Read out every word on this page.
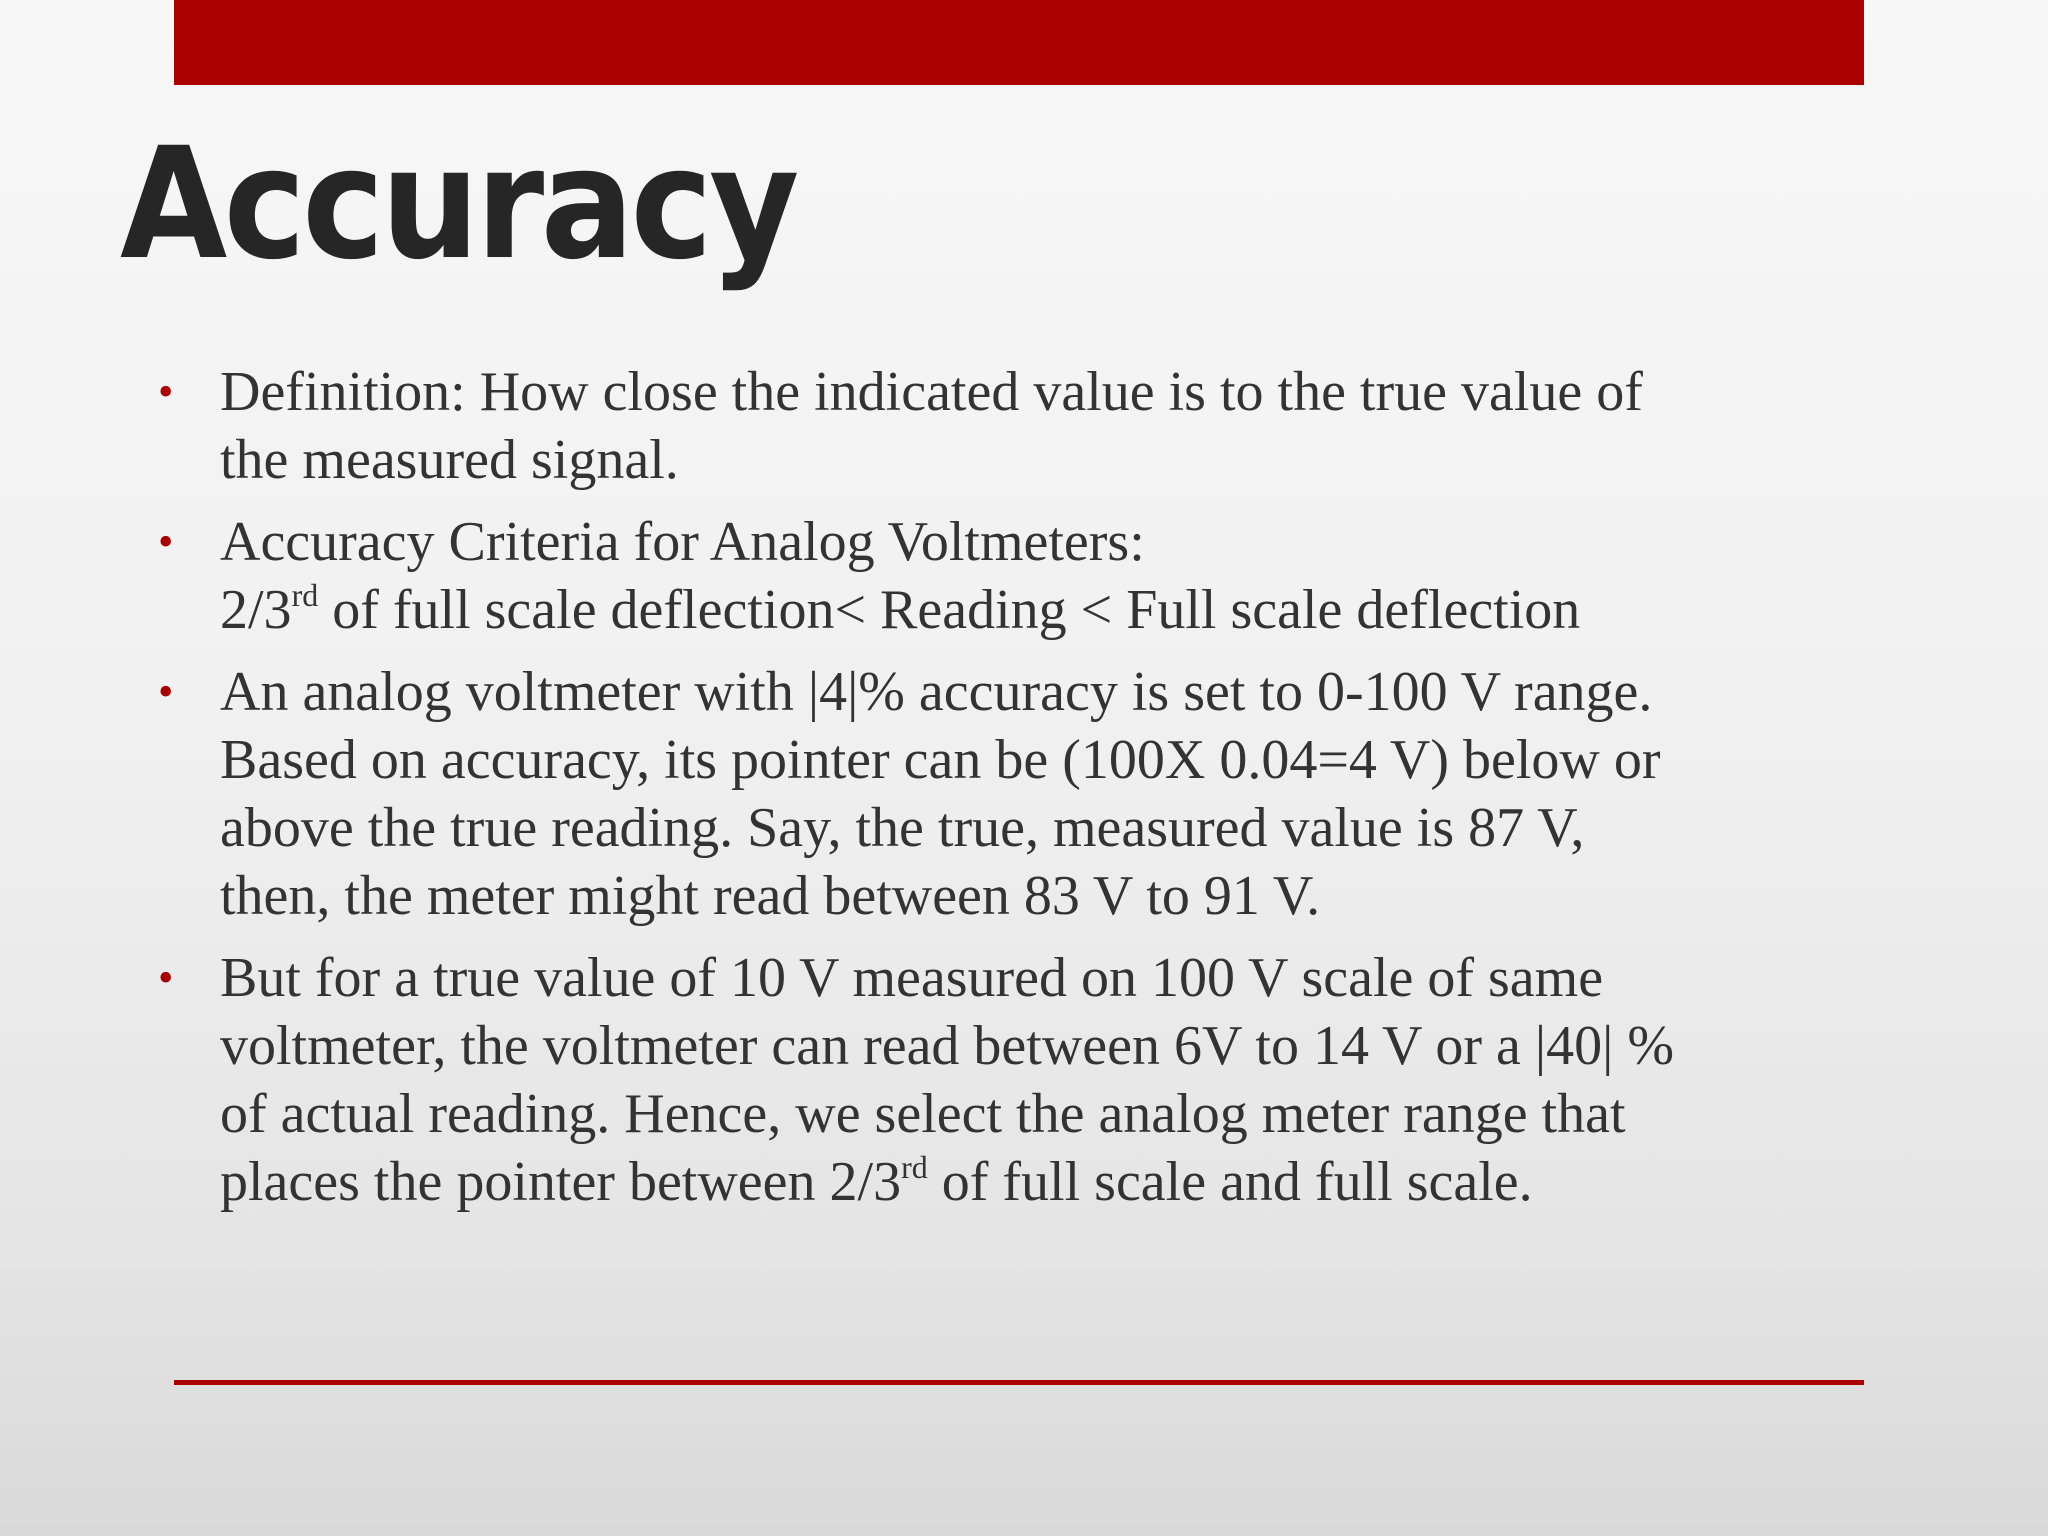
Accuracy
• Definition: How close the indicated value is to the true value of
the measured signal.
• Accuracy Criteria for Analog Voltmeters:
2/3rd of full scale deflection< Reading < Full scale deflection
• An analog voltmeter with |4|% accuracy is set to 0-100 V range.
Based on accuracy, its pointer can be (100X 0.04=4 V) below or
above the true reading. Say, the true, measured value is 87 V,
then, the meter might read between 83 V to 91 V.
• But for a true value of 10 V measured on 100 V scale of same
voltmeter, the voltmeter can read between 6V to 14 V or a |40| %
of actual reading. Hence, we select the analog meter range that
places the pointer between 2/3rd of full scale and full scale.
